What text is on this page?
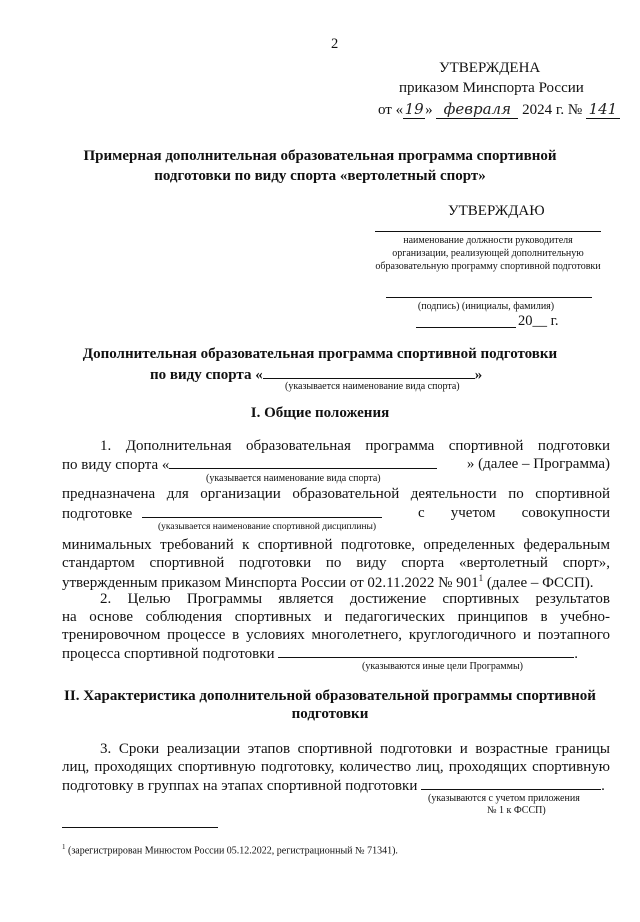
2
УТВЕРЖДЕНА
приказом Минспорта России
от «19» февраля 2024 г. № 141
Примерная дополнительная образовательная программа спортивной
подготовки по виду спорта «вертолетный спорт»
УТВЕРЖДАЮ
наименование должности руководителя
организации, реализующей дополнительную
образовательную программу спортивной подготовки
(подпись) (инициалы, фамилия)
20__ г.
Дополнительная образовательная программа спортивной подготовки
по виду спорта «	»
(указывается наименование вида спорта)
I. Общие положения
1. Дополнительная образовательная программа спортивной подготовки
по виду спорта «	» (далее – Программа)
(указывается наименование вида спорта)
предназначена для организации образовательной деятельности по спортивной
подготовке	с учетом совокупности
(указывается наименование спортивной дисциплины)
минимальных требований к спортивной подготовке, определенных федеральным
стандартом спортивной подготовки по виду спорта «вертолетный спорт»,
утвержденным приказом Минспорта России от 02.11.2022 № $901^1$ (далее – ФССП).
2. Целью Программы является достижение спортивных результатов
на основе соблюдения спортивных и педагогических принципов в учебно-
тренировочном процессе в условиях многолетнего, круглогодичного и поэтапного
процесса спортивной подготовки	.
(указываются иные цели Программы)
II. Характеристика дополнительной образовательной программы спортивной
подготовки
3. Сроки реализации этапов спортивной подготовки и возрастные границы
лиц, проходящих спортивную подготовку, количество лиц, проходящих спортивную
подготовку в группах на этапах спортивной подготовки	.
(указываются с учетом приложения
№ 1 к ФССП)
$^1$ (зарегистрирован Минюстом России 05.12.2022, регистрационный № 71341).
